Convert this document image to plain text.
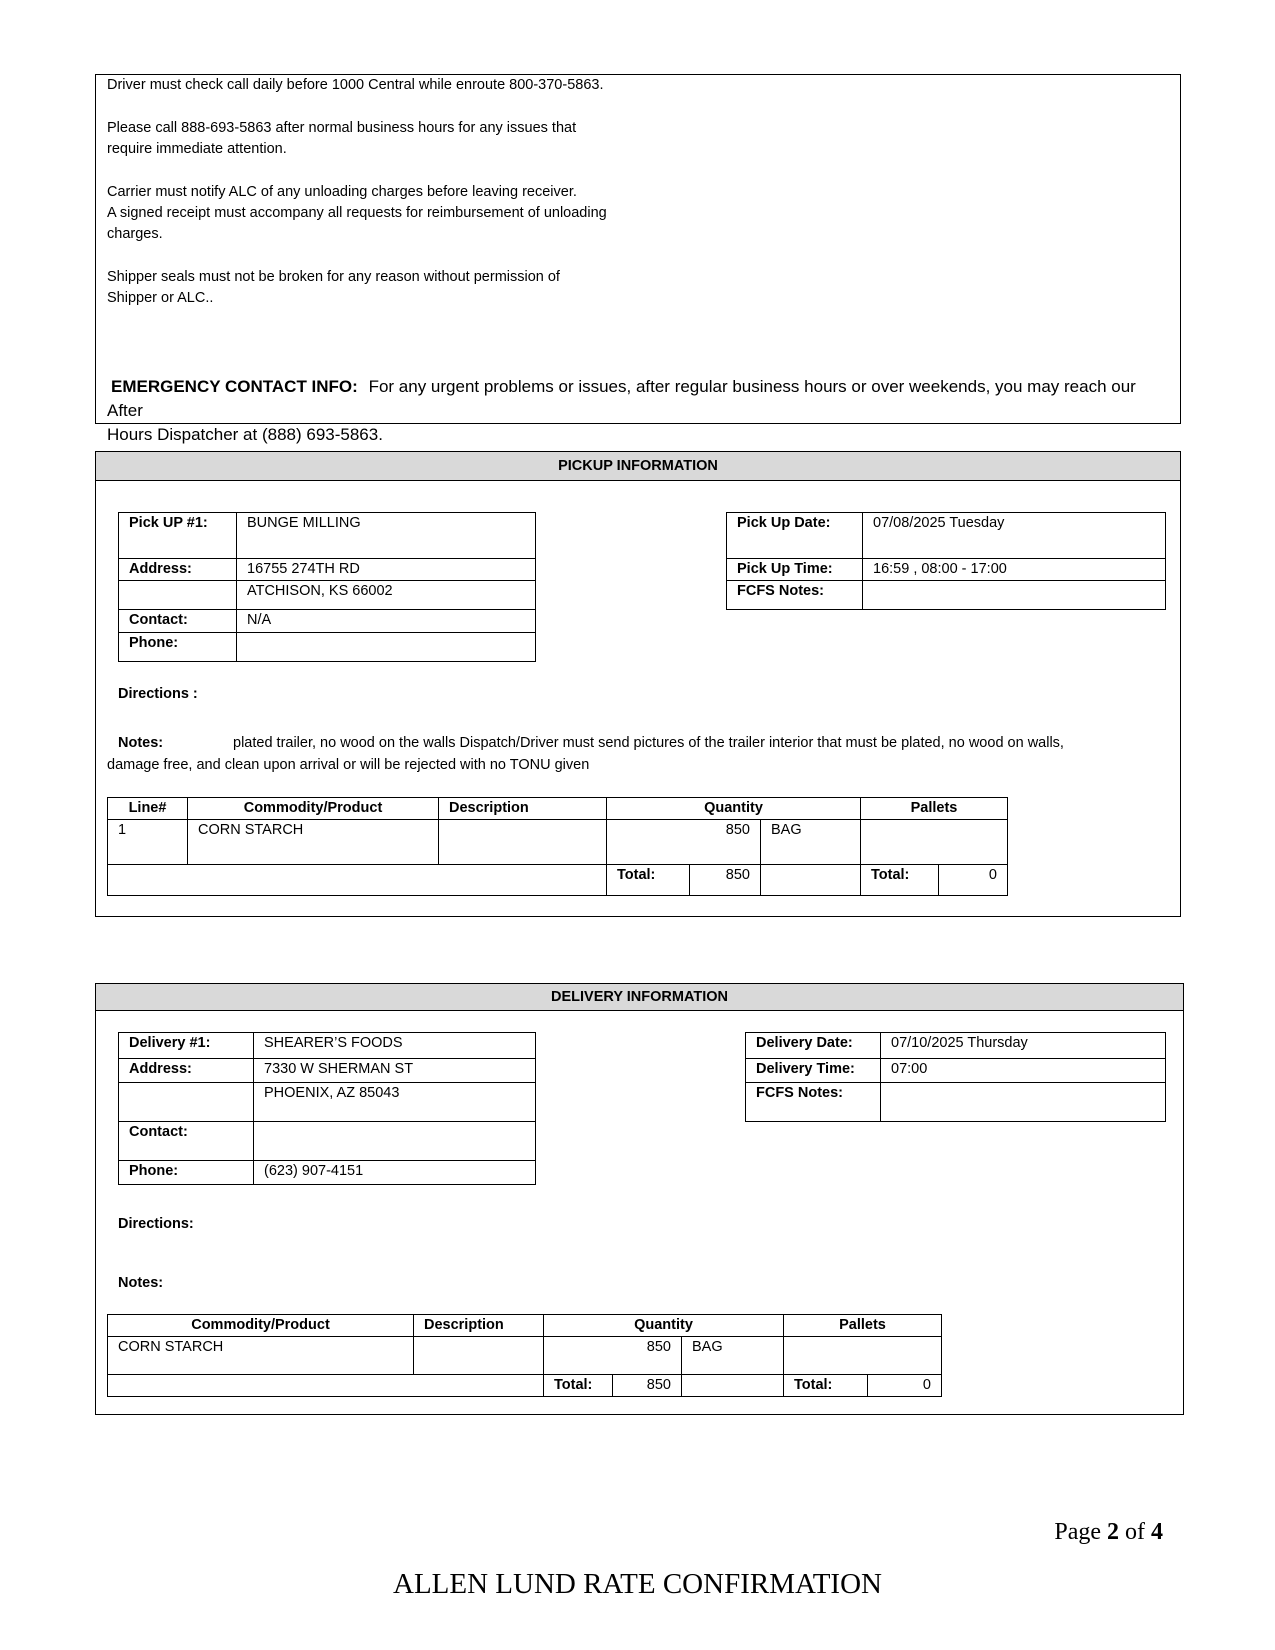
Driver must check call daily before 1000 Central while enroute 800-370-5863.
Please call 888-693-5863 after normal business hours for any issues that
require immediate attention.
Carrier must notify ALC of any unloading charges before leaving receiver.
A signed receipt must accompany all requests for reimbursement of unloading
charges.
Shipper seals must not be broken for any reason without permission of
Shipper or ALC..
EMERGENCY CONTACT INFO: For any urgent problems or issues, after regular business hours or over weekends, you may reach our After
Hours Dispatcher at (888) 693-5863.
PICKUP INFORMATION
Pick UP #1:	BUNGE MILLING
Address:	16755 274TH RD
	ATCHISON, KS 66002
Contact:	N/A
Phone:	
Pick Up Date:	07/08/2025 Tuesday
Pick Up Time:	16:59 , 08:00 - 17:00
FCFS Notes:	
Directions :
Notes:	plated trailer, no wood on the walls Dispatch/Driver must send pictures of the trailer interior that must be plated, no wood on walls,
damage free, and clean upon arrival or will be rejected with no TONU given
Line#	Commodity/Product	Description	Quantity			Pallets	
1	CORN STARCH		850		BAG		
			Total:	850		Total:	0
DELIVERY INFORMATION
Delivery #1:	SHEARER’S FOODS
Address:	7330 W SHERMAN ST
	PHOENIX, AZ 85043
Contact:	
Phone:	(623) 907-4151
Delivery Date:	07/10/2025 Thursday
Delivery Time:	07:00
FCFS Notes:	
Directions:
Notes:
Commodity/Product	Description	Quantity			Pallets	
CORN STARCH		850		BAG		
		Total:	850		Total:	0
Page 2 of 4
ALLEN LUND RATE CONFIRMATION
